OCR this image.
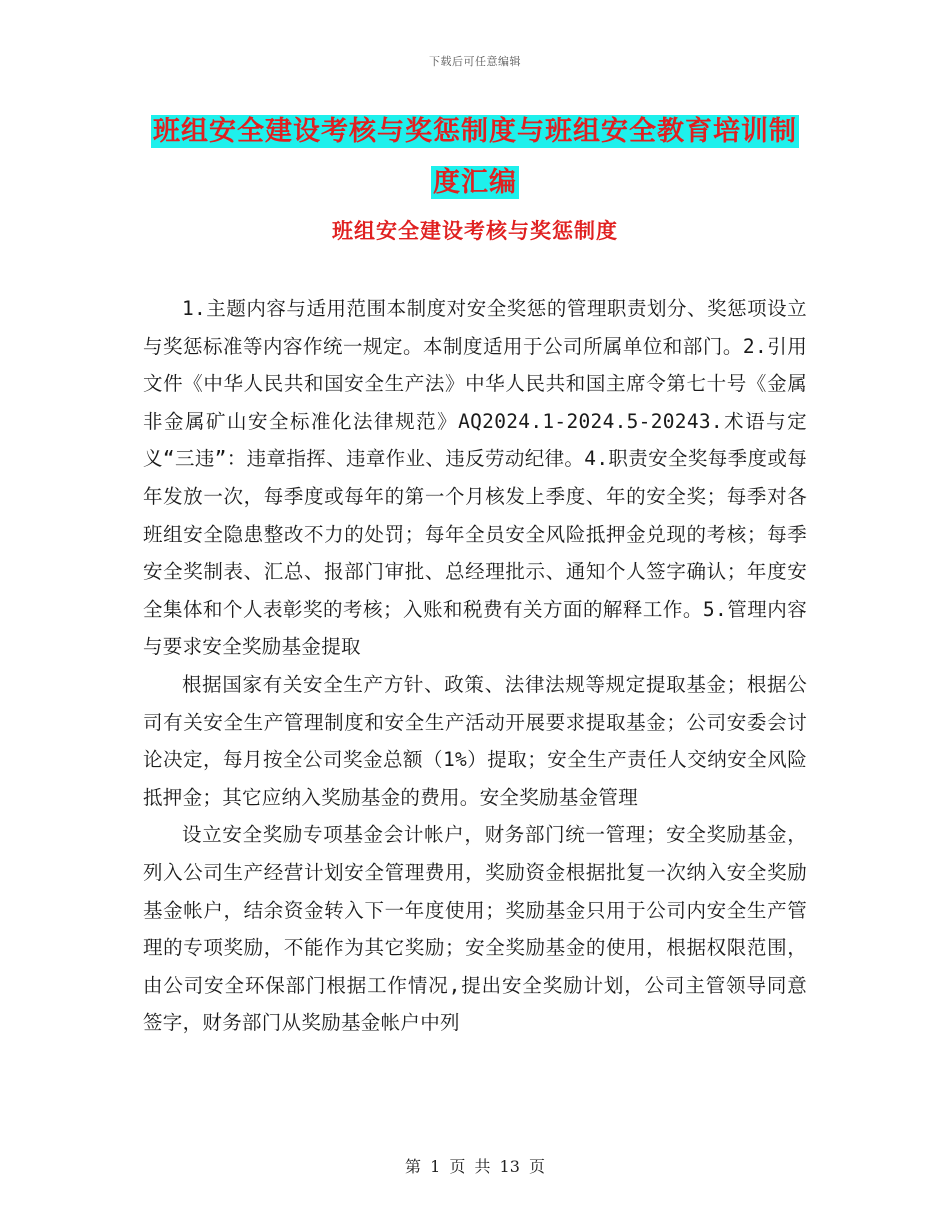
下载后可任意编辑
班组安全建设考核与奖惩制度与班组安全教育培训制
度汇编
班组安全建设考核与奖惩制度

1.主题内容与适用范围本制度对安全奖惩的管理职责划分、奖惩项设立与奖惩标准等内容作统一规定。本制度适用于公司所属单位和部门。2.引用文件《中华人民共和国安全生产法》中华人民共和国主席令第七十号《金属非金属矿山安全标准化法律规范》AQ2024.1-2024.5-20243.术语与定义“三违”：违章指挥、违章作业、违反劳动纪律。4.职责安全奖每季度或每年发放一次，每季度或每年的第一个月核发上季度、年的安全奖；每季对各班组安全隐患整改不力的处罚；每年全员安全风险抵押金兑现的考核；每季安全奖制表、汇总、报部门审批、总经理批示、通知个人签字确认；年度安全集体和个人表彰奖的考核；入账和税费有关方面的解释工作。5.管理内容与要求安全奖励基金提取

根据国家有关安全生产方针、政策、法律法规等规定提取基金；根据公司有关安全生产管理制度和安全生产活动开展要求提取基金；公司安委会讨论决定，每月按全公司奖金总额（1%）提取；安全生产责任人交纳安全风险抵押金；其它应纳入奖励基金的费用。安全奖励基金管理

设立安全奖励专项基金会计帐户，财务部门统一管理；安全奖励基金，列入公司生产经营计划安全管理费用，奖励资金根据批复一次纳入安全奖励基金帐户，结余资金转入下一年度使用；奖励基金只用于公司内安全生产管理的专项奖励，不能作为其它奖励；安全奖励基金的使用，根据权限范围，由公司安全环保部门根据工作情况,提出安全奖励计划，公司主管领导同意签字，财务部门从奖励基金帐户中列

第 1 页 共 13 页
